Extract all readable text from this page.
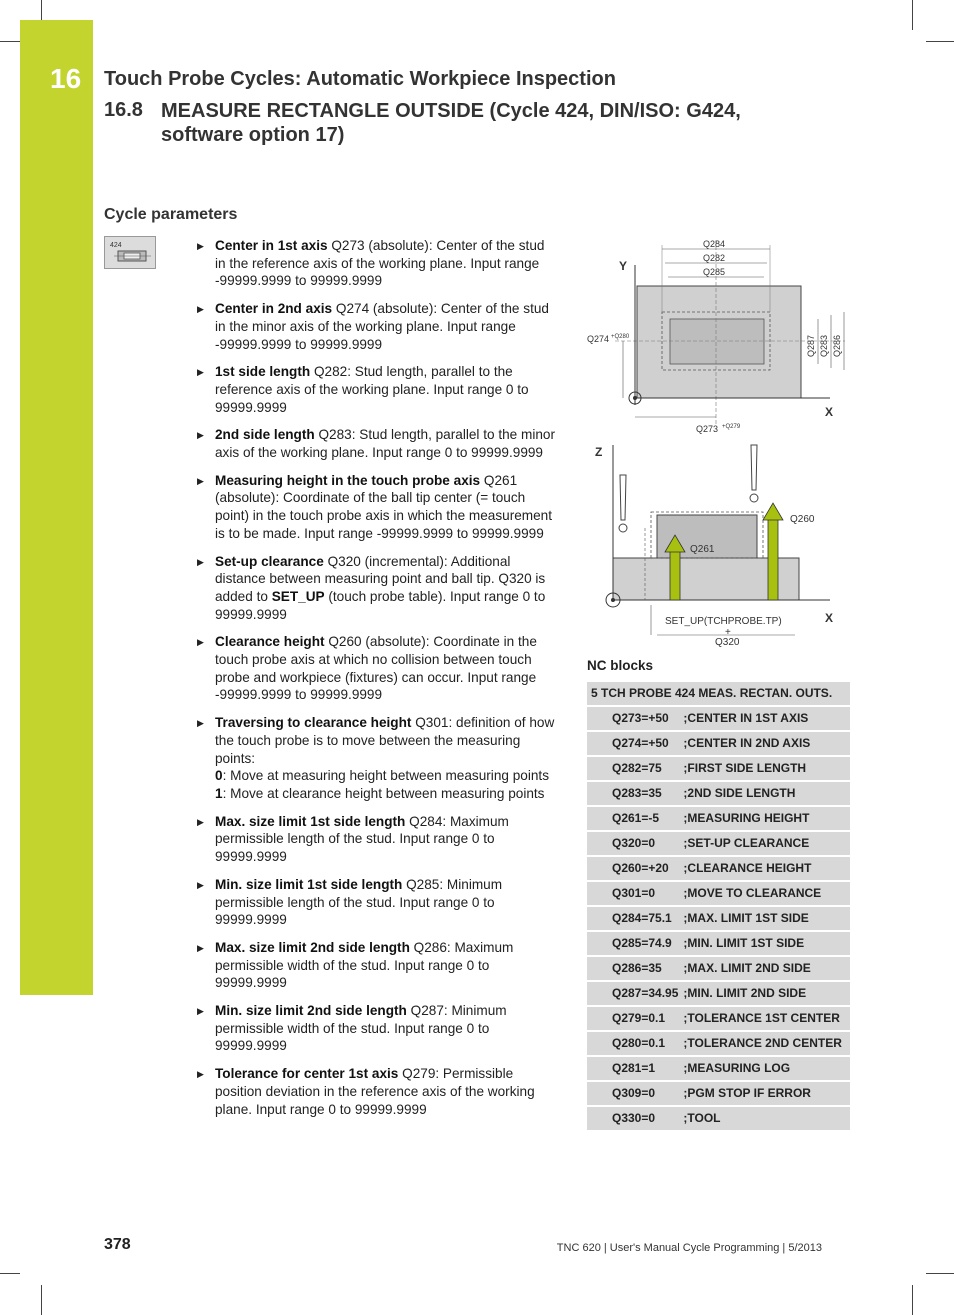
16	Touch Probe Cycles: Automatic Workpiece Inspection
16.8 MEASURE RECTANGLE OUTSIDE (Cycle 424, DIN/ISO: G424, software option 17)
Cycle parameters
424	▶ Center in 1st axis Q273 (absolute): Center of the stud in the reference axis of the working plane. Input range -99999.9999 to 99999.9999
▶ Center in 2nd axis Q274 (absolute): Center of the stud in the minor axis of the working plane. Input range -99999.9999 to 99999.9999
▶ 1st side length Q282: Stud length, parallel to the reference axis of the working plane. Input range 0 to 99999.9999
▶ 2nd side length Q283: Stud length, parallel to the minor axis of the working plane. Input range 0 to 99999.9999
▶ Measuring height in the touch probe axis Q261 (absolute): Coordinate of the ball tip center (= touch point) in the touch probe axis in which the measurement is to be made. Input range -99999.9999 to 99999.9999
▶ Set-up clearance Q320 (incremental): Additional distance between measuring point and ball tip. Q320 is added to SET_UP (touch probe table). Input range 0 to 99999.9999
▶ Clearance height Q260 (absolute): Coordinate in the touch probe axis at which no collision between touch probe and workpiece (fixtures) can occur. Input range -99999.9999 to 99999.9999
▶ Traversing to clearance height Q301: definition of how the touch probe is to move between the measuring points:
0: Move at measuring height between measuring points
1: Move at clearance height between measuring points
▶ Max. size limit 1st side length Q284: Maximum permissible length of the stud. Input range 0 to 99999.9999
▶ Min. size limit 1st side length Q285: Minimum permissible length of the stud. Input range 0 to 99999.9999
▶ Max. size limit 2nd side length Q286: Maximum permissible width of the stud. Input range 0 to 99999.9999
▶ Min. size limit 2nd side length Q287: Minimum permissible width of the stud. Input range 0 to 99999.9999
▶ Tolerance for center 1st axis Q279: Permissible position deviation in the reference axis of the working plane. Input range 0 to 99999.9999
Y
X
Q284
Q282
Q285
Q287 Q283 Q286
Q274 +Q280
Q273 +Q279
Z
X
Q260
Q261
SET_UP(TCHPROBE.TP)
+
Q320
NC blocks
5 TCH PROBE 424 MEAS. RECTAN. OUTS.	
Q273=+50	;CENTER IN 1ST AXIS
Q274=+50	;CENTER IN 2ND AXIS
Q282=75	;FIRST SIDE LENGTH
Q283=35	;2ND SIDE LENGTH
Q261=-5	;MEASURING HEIGHT
Q320=0	;SET-UP CLEARANCE
Q260=+20	;CLEARANCE HEIGHT
Q301=0	;MOVE TO CLEARANCE
Q284=75.1	;MAX. LIMIT 1ST SIDE
Q285=74.9	;MIN. LIMIT 1ST SIDE
Q286=35	;MAX. LIMIT 2ND SIDE
Q287=34.95	;MIN. LIMIT 2ND SIDE
Q279=0.1	;TOLERANCE 1ST CENTER
Q280=0.1	;TOLERANCE 2ND CENTER
Q281=1	;MEASURING LOG
Q309=0	;PGM STOP IF ERROR
Q330=0	;TOOL
378	TNC 620 | User's Manual Cycle Programming | 5/2013
